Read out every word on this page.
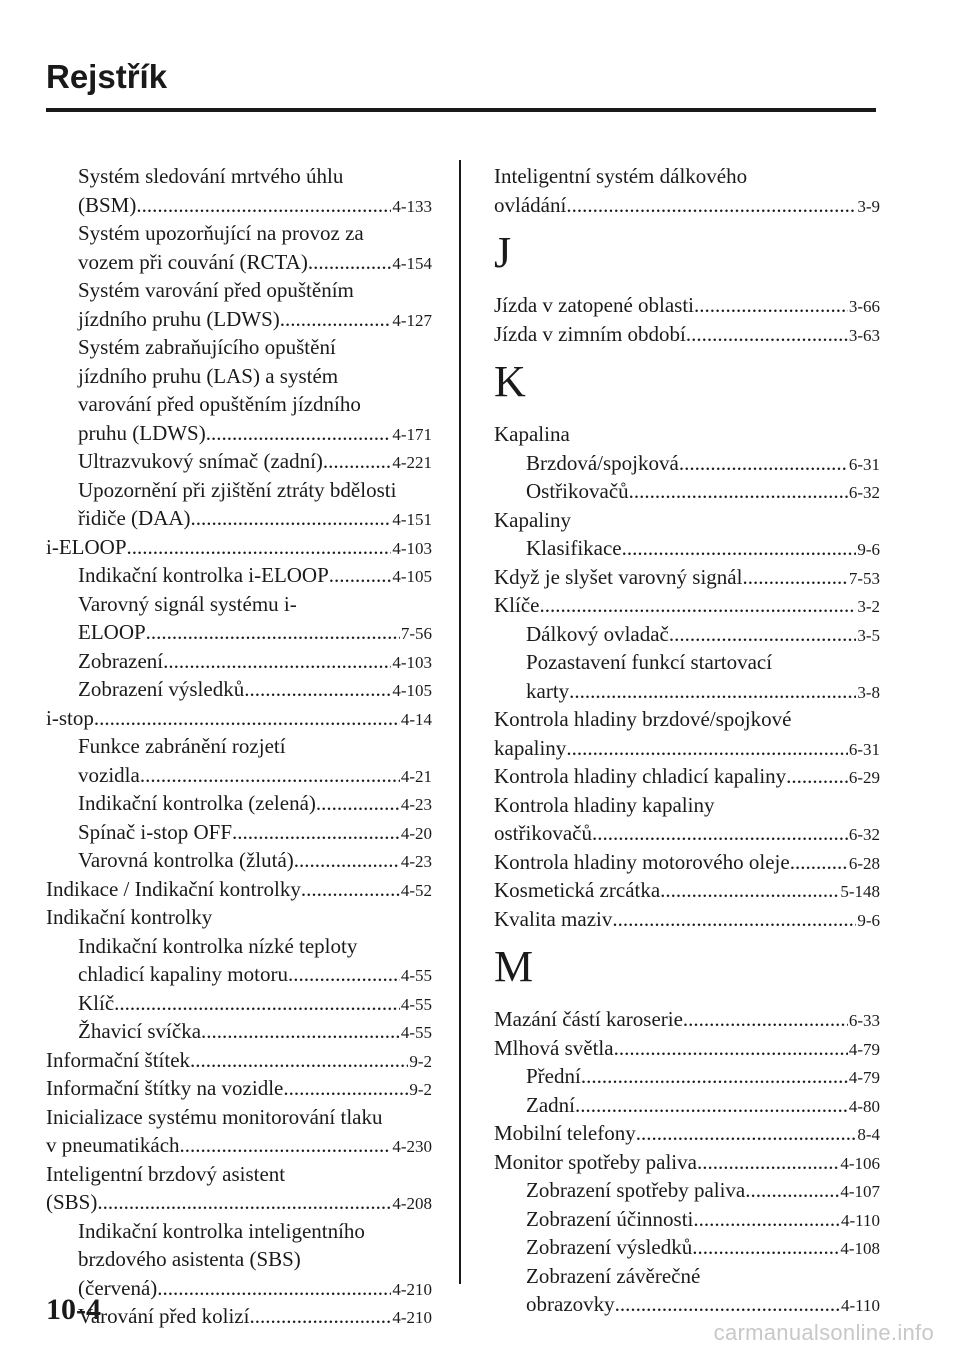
Rejstřík
Systém sledování mrtvého úhlu
(BSM) .....	4-133
Systém upozorňující na provoz za
vozem při couvání (RCTA) .....	4-154
Systém varování před opuštěním
jízdního pruhu (LDWS) .....	4-127
Systém zabraňujícího opuštění
jízdního pruhu (LAS) a systém
varování před opuštěním jízdního
pruhu (LDWS) .....	4-171
Ultrazvukový snímač (zadní) .....	4-221
Upozornění při zjištění ztráty bdělosti
řidiče (DAA) .....	4-151
i-ELOOP .....	4-103
Indikační kontrolka i-ELOOP .....	4-105
Varovný signál systému i-
ELOOP .....	7-56
Zobrazení .....	4-103
Zobrazení výsledků .....	4-105
i-stop .....	4-14
Funkce zabránění rozjetí
vozidla .....	4-21
Indikační kontrolka (zelená) .....	4-23
Spínač i-stop OFF .....	4-20
Varovná kontrolka (žlutá) .....	4-23
Indikace / Indikační kontrolky .....	4-52
Indikační kontrolky
Indikační kontrolka nízké teploty
chladicí kapaliny motoru .....	4-55
Klíč .....	4-55
Žhavicí svíčka .....	4-55
Informační štítek .....	9-2
Informační štítky na vozidle .....	9-2
Inicializace systému monitorování tlaku
v pneumatikách .....	4-230
Inteligentní brzdový asistent
(SBS) .....	4-208
Indikační kontrolka inteligentního
brzdového asistenta (SBS)
(červená) .....	4-210
Varování před kolizí .....	4-210
Inteligentní systém dálkového
ovládání .....	3-9
J
Jízda v zatopené oblasti .....	3-66
Jízda v zimním období .....	3-63
K
Kapalina
Brzdová/spojková .....	6-31
Ostřikovačů .....	6-32
Kapaliny
Klasifikace .....	9-6
Když je slyšet varovný signál .....	7-53
Klíče .....	3-2
Dálkový ovladač .....	3-5
Pozastavení funkcí startovací
karty .....	3-8
Kontrola hladiny brzdové/spojkové
kapaliny .....	6-31
Kontrola hladiny chladicí kapaliny .....	6-29
Kontrola hladiny kapaliny
ostřikovačů .....	6-32
Kontrola hladiny motorového oleje .....	6-28
Kosmetická zrcátka .....	5-148
Kvalita maziv .....	9-6
M
Mazání částí karoserie .....	6-33
Mlhová světla .....	4-79
Přední .....	4-79
Zadní .....	4-80
Mobilní telefony .....	8-4
Monitor spotřeby paliva .....	4-106
Zobrazení spotřeby paliva .....	4-107
Zobrazení účinnosti .....	4-110
Zobrazení výsledků .....	4-108
Zobrazení závěrečné
obrazovky .....	4-110
10-4
carmanualsonline.info
